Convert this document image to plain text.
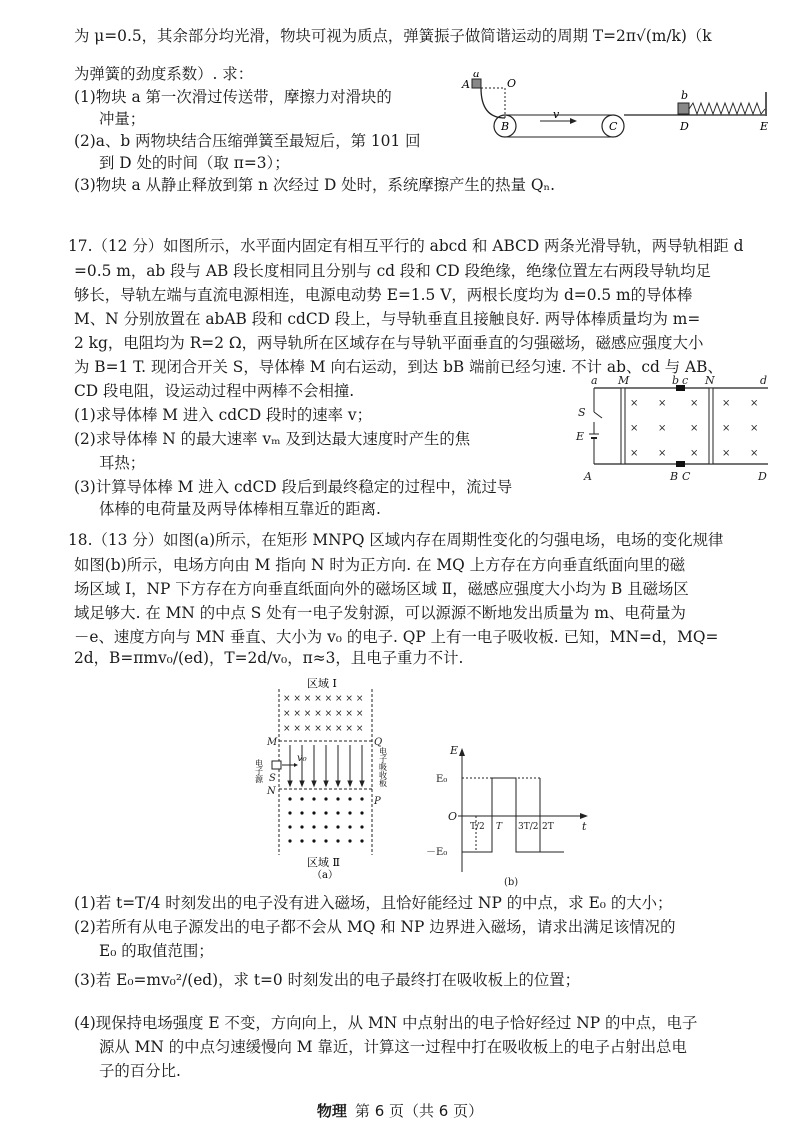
为 μ=0.5，其余部分均光滑，物块可视为质点，弹簧振子做简谐运动的周期 T=2π√(m/k)（k
为弹簧的劲度系数）. 求：
(1)物块 a 第一次滑过传送带，摩擦力对滑块的
冲量；
(2)a、b 两物块结合压缩弹簧至最短后，第 101 回
到 D 处的时间（取 π=3）；
(3)物块 a 从静止释放到第 n 次经过 D 处时，系统摩擦产生的热量 Qₙ.
a
A	O
B
v
C
b
D	E
17.（12 分）如图所示，水平面内固定有相互平行的 abcd 和 ABCD 两条光滑导轨，两导轨相距 d
=0.5 m，ab 段与 AB 段长度相同且分别与 cd 段和 CD 段绝缘，绝缘位置左右两段导轨均足
够长，导轨左端与直流电源相连，电源电动势 E=1.5 V，两根长度均为 d=0.5 m的导体棒
M、N 分别放置在 abAB 段和 cdCD 段上，与导轨垂直且接触良好. 两导体棒质量均为 m=
2 kg，电阻均为 R=2 Ω，两导轨所在区域存在与导轨平面垂直的匀强磁场，磁感应强度大小
为 B=1 T. 现闭合开关 S，导体棒 M 向右运动，到达 bB 端前已经匀速. 不计 ab、cd 与 AB、
CD 段电阻，设运动过程中两棒不会相撞.
(1)求导体棒 M 进入 cdCD 段时的速率 v；
(2)求导体棒 N 的最大速率 vₘ 及到达最大速度时产生的焦
耳热；
(3)计算导体棒 M 进入 cdCD 段后到最终稳定的过程中，流过导
体棒的电荷量及两导体棒相互靠近的距离.
× × × × ×
× × × × ×
× × × × ×
a M	b c N	d
S
E
A	B C	D
18.（13 分）如图(a)所示，在矩形 MNPQ 区域内存在周期性变化的匀强电场，电场的变化规律
如图(b)所示，电场方向由 M 指向 N 时为正方向. 在 MQ 上方存在方向垂直纸面向里的磁
场区域 Ⅰ，NP 下方存在方向垂直纸面向外的磁场区域 Ⅱ，磁感应强度大小均为 B 且磁场区
域足够大. 在 MN 的中点 S 处有一电子发射源，可以源源不断地发出质量为 m、电荷量为
－e、速度方向与 MN 垂直、大小为 v₀ 的电子. QP 上有一电子吸收板. 已知，MN=d，MQ=
2d，B=πmv₀/(ed)，T=2d/v₀，π≈3，且电子重力不计.
区域 Ⅰ
× × × × × × × ×
× × × × × × × ×
× × × × × × × ×
M
N
S
Q
P
v₀
电子源	电子吸收板
区域 Ⅱ
（a）
E
t
O
E₀
－E₀
T/2 T 3T/2 2T
(b)
(1)若 t=T/4 时刻发出的电子没有进入磁场，且恰好能经过 NP 的中点，求 E₀ 的大小；
(2)若所有从电子源发出的电子都不会从 MQ 和 NP 边界进入磁场，请求出满足该情况的
E₀ 的取值范围；
(3)若 E₀=mv₀²/(ed)，求 t=0 时刻发出的电子最终打在吸收板上的位置；
(4)现保持电场强度 E 不变，方向向上，从 MN 中点射出的电子恰好经过 NP 的中点，电子
源从 MN 的中点匀速缓慢向 M 靠近，计算这一过程中打在吸收板上的电子占射出总电
子的百分比.
物理 第 6 页（共 6 页）
